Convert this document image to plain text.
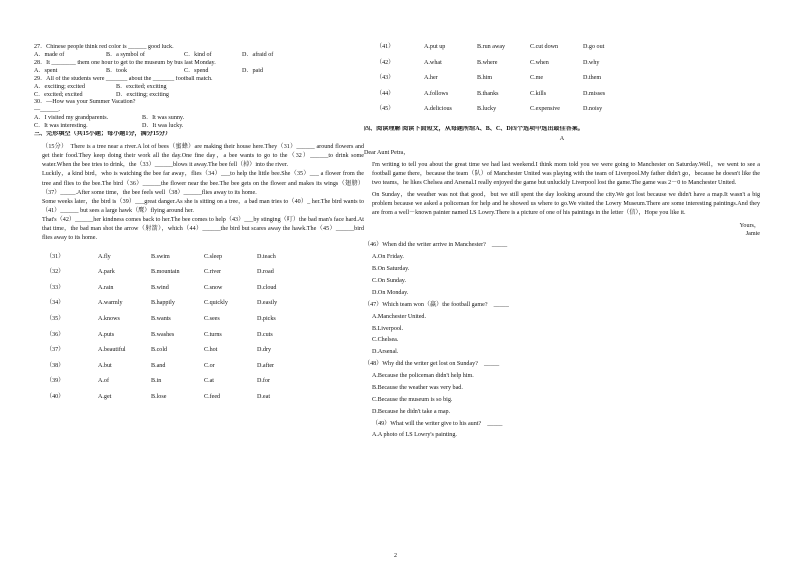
27．Chinese people think red color is ______ good luck.
A．made of	B．a symbol of	C．kind of	D．afraid of
28．It ________ them one hour to get to the museum by bus last Monday.
A．spent	B．took	C．spend	D．paid
29．All of the students were _______ about the _______ football match.
A．exciting; excited	B．excited; exciting
C．excited; excited	D．exciting; exciting
30．—How was your Summer Vacation?
—______.
A．I visited my grandparents.	B．It was sunny.
C．It was interesting.	D．It was lucky.
三、完形填空（共15小题；每小题1分，满分15分）

（15分）　There is a tree near a river.A lot of bees（蜜蜂）are making their house here.They（31）______ around flowers and get their food.They keep doing their work all the day.One fine day，a bee wants to go to the（32）______to drink some water.When the bee tries to drink，the（33）______blows it away.The bee fell（掉）into the river.

Luckily，a kind bird，who is watching the bee far away，flies（34）___to help the little bee.She（35）___ a flower from the tree and flies to the bee.The bird（36）______the flower near the bee.The bee gets on the flower and makes its wings（翅膀）（37）_____.After some time，the bee feels well（38）______flies away to its home.

Some weeks later，the bird is（39）___great danger.As she is sitting on a tree，a bad man tries to（40）_ her.The bird wants to（41）______ but sees a large hawk（鹰）flying around her.

That's（42）______her kindness comes back to her.The bee comes to help（43）___by stinging（叮）the bad man's face hard.At that time，the bad man shot the arrow（射箭），which（44）______the bird but scares away the hawk.The（45）______bird flies away to its home.

（31）	A.fly	B.swim	C.sleep	D.teach
（32）	A.park	B.mountain	C.river	D.road
（33）	A.rain	B.wind	C.snow	D.cloud
（34）	A.warmly	B.happily	C.quickly	D.easily
（35）	A.knows	B.wants	C.sees	D.picks
（36）	A.puts	B.washes	C.turns	D.cuts
（37）	A.beautiful	B.cold	C.hot	D.dry
（38）	A.but	B.and	C.or	D.after
（39）	A.of	B.in	C.at	D.for
（40）	A.get	B.lose	C.feed	D.eat
（41）	A.put up	B.run away	C.cut down	D.go out
（42）	A.what	B.where	C.when	D.why
（43）	A.her	B.him	C.me	D.them
（44）	A.follows	B.thanks	C.kills	D.misses
（45）	A.delicious	B.lucky	C.expensive	D.noisy
四、阅读理解 阅读下面短文，从每题所给A、B、C、D四个选项中选出最佳答案。
A
Dear Aunt Petra，

I'm writing to tell you about the great time we had last weekend.I think mom told you we were going to Manchester on Saturday.Well，we went to see a football game there，because the team（队）of Manchester United was playing with the team of Liverpool.My father didn't go，because he doesn't like the two teams，he likes Chelsea and Arsenal.I really enjoyed the game but unluckily Liverpool lost the game.The game was 2－0 to Manchester United.

On Sunday，the weather was not that good，but we still spent the day looking around the city.We got lost because we didn't have a map.It wasn't a big problem because we asked a policeman for help and he showed us where to go.We visited the Lowry Museum.There are some interesting paintings.And they are from a well－known painter named LS Lowry.There is a picture of one of his paintings in the letter（信），Hope you like it.

Yours，
Jamie
（46）When did the writer arrive in Manchester?　_____
A.On Friday.
B.On Saturday.
C.On Sunday.
D.On Monday.
（47）Which team won（赢）the football game?　_____
A.Manchester United.
B.Liverpool.
C.Chelsea.
D.Arsenal.
（48）Why did the writer get lost on Sunday?　_____
A.Because the policeman didn't help him.
B.Because the weather was very bad.
C.Because the museum is so big.
D.Because he didn't take a map.
（49）What will the writer give to his aunt?　_____
A.A photo of LS Lowry's painting.
2
